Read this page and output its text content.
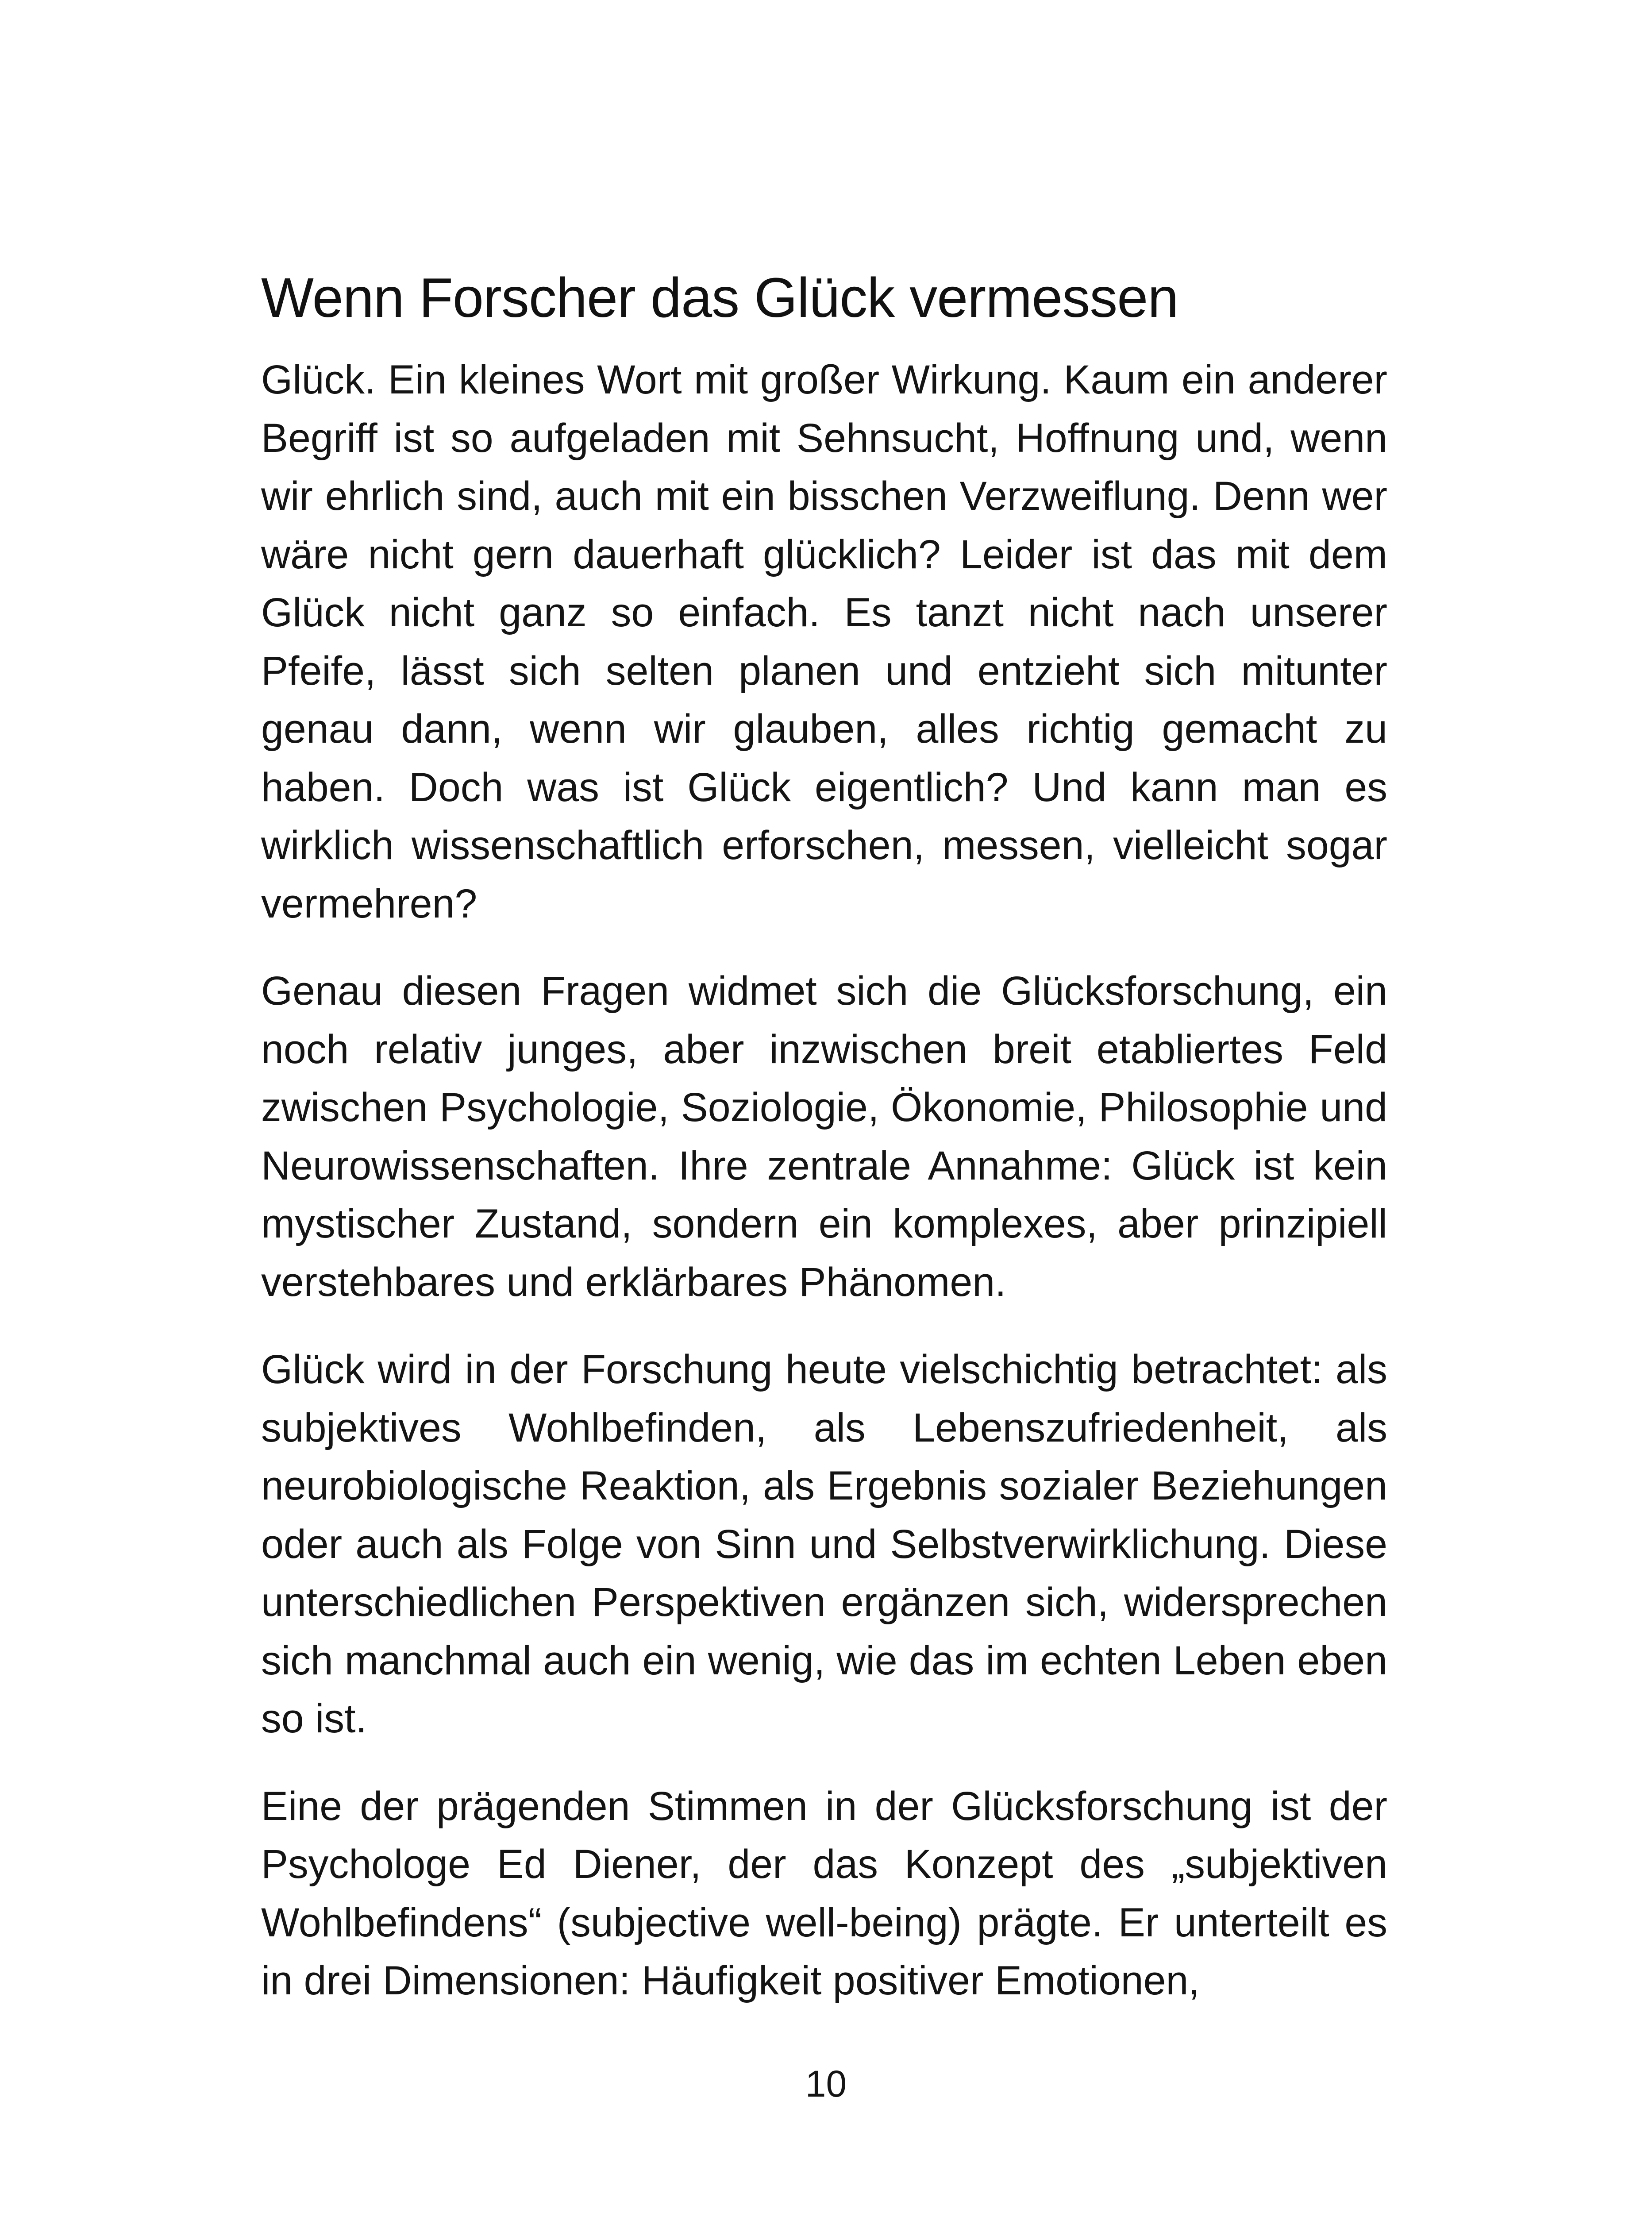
Wenn Forscher das Glück vermessen

Glück. Ein kleines Wort mit großer Wirkung. Kaum ein anderer Begriff ist so aufgeladen mit Sehnsucht, Hoffnung und, wenn wir ehrlich sind, auch mit ein bisschen Verzweiflung. Denn wer wäre nicht gern dauerhaft glücklich? Leider ist das mit dem Glück nicht ganz so einfach. Es tanzt nicht nach unserer Pfeife, lässt sich selten planen und entzieht sich mitunter genau dann, wenn wir glauben, alles richtig gemacht zu haben. Doch was ist Glück eigentlich? Und kann man es wirklich wissenschaftlich erforschen, messen, vielleicht sogar vermehren?

Genau diesen Fragen widmet sich die Glücksforschung, ein noch relativ junges, aber inzwischen breit etabliertes Feld zwischen Psychologie, Soziologie, Ökonomie, Philosophie und Neurowissenschaften. Ihre zentrale Annahme: Glück ist kein mystischer Zustand, sondern ein komplexes, aber prinzipiell verstehbares und erklärbares Phänomen.

Glück wird in der Forschung heute vielschichtig betrachtet: als subjektives Wohlbefinden, als Lebenszufriedenheit, als neurobiologische Reaktion, als Ergebnis sozialer Beziehungen oder auch als Folge von Sinn und Selbstverwirklichung. Diese unterschiedlichen Perspektiven ergänzen sich, widersprechen sich manchmal auch ein wenig, wie das im echten Leben eben so ist.

Eine der prägenden Stimmen in der Glücksforschung ist der Psychologe Ed Diener, der das Konzept des „subjektiven Wohlbefindens“ (subjective well-being) prägte. Er unterteilt es in drei Dimensionen: Häufigkeit positiver Emotionen,

10
